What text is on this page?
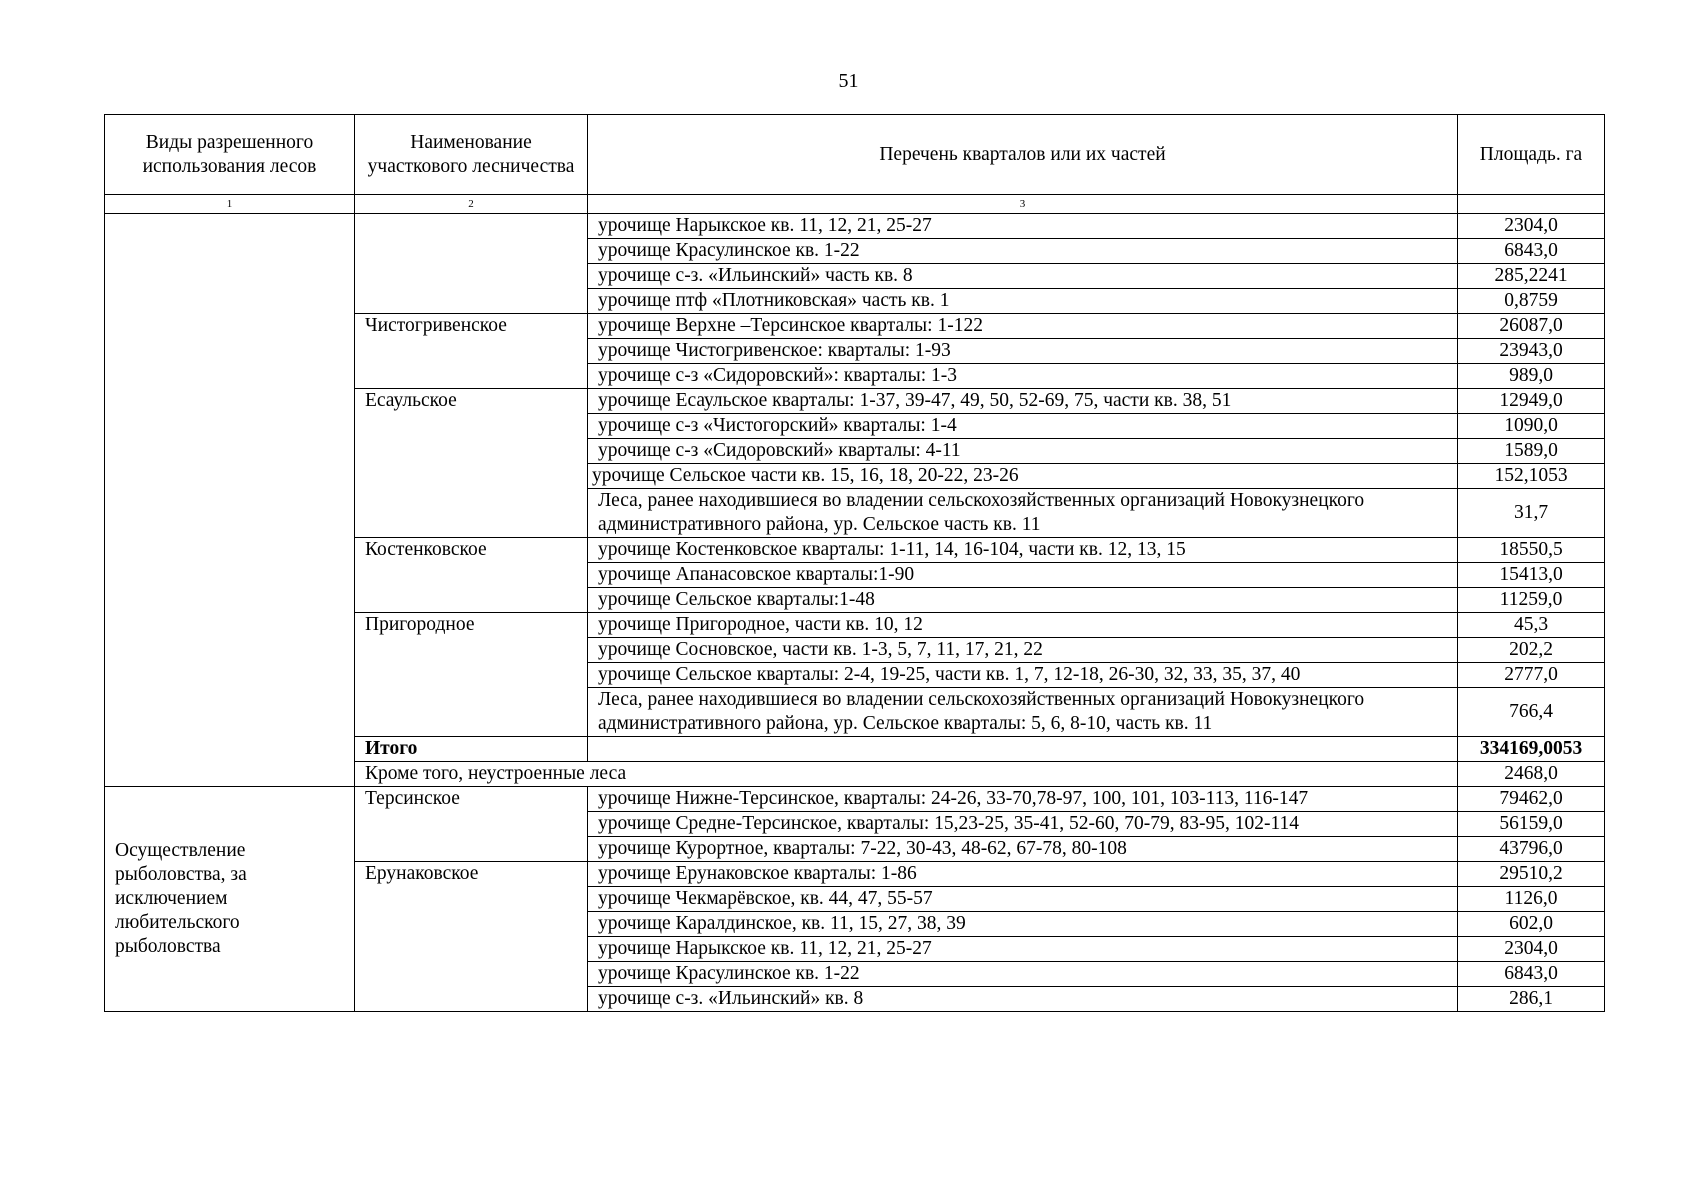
51
Виды разрешенного использования лесов	Наименование участкового лесничества	Перечень кварталов или их частей	Площадь. га
1	2	3	
		урочище Нарыкское кв. 11, 12, 21, 25-27	2304,0
		урочище Красулинское кв. 1-22	6843,0
		урочище с-з. «Ильинский» часть кв. 8	285,2241
		урочище птф «Плотниковская» часть кв. 1	0,8759
	Чистогривенское	урочище Верхне –Терсинское кварталы: 1-122	26087,0
		урочище Чистогривенское: кварталы: 1-93	23943,0
		урочище с-з «Сидоровский»: кварталы: 1-3	989,0
	Есаульское	урочище Есаульское кварталы: 1-37, 39-47, 49, 50, 52-69, 75, части кв. 38, 51	12949,0
		урочище с-з «Чистогорский» кварталы: 1-4	1090,0
		урочище с-з «Сидоровский» кварталы: 4-11	1589,0
		урочище Сельское части кв. 15, 16, 18, 20-22, 23-26	152,1053
		Леса, ранее находившиеся во владении сельскохозяйственных организаций Новокузнецкого административного района, ур. Сельское часть кв. 11	31,7
	Костенковское	урочище Костенковское кварталы: 1-11, 14, 16-104, части кв. 12, 13, 15	18550,5
		урочище Апанасовское кварталы:1-90	15413,0
		урочище Сельское кварталы:1-48	11259,0
	Пригородное	урочище Пригородное, части кв. 10, 12	45,3
		урочище Сосновское, части кв. 1-3, 5, 7, 11, 17, 21, 22	202,2
		урочище Сельское кварталы: 2-4, 19-25, части кв. 1, 7, 12-18, 26-30, 32, 33, 35, 37, 40	2777,0
		Леса, ранее находившиеся во владении сельскохозяйственных организаций Новокузнецкого административного района, ур. Сельское кварталы: 5, 6, 8-10, часть кв. 11	766,4
	Итого		334169,0053
	Кроме того, неустроенные леса		2468,0
Осуществление рыболовства, за исключением любительского рыболовства	Терсинское	урочище Нижне-Терсинское, кварталы: 24-26, 33-70,78-97, 100, 101, 103-113, 116-147	79462,0
		урочище Средне-Терсинское, кварталы: 15,23-25, 35-41, 52-60, 70-79, 83-95, 102-114	56159,0
		урочище Курортное, кварталы: 7-22, 30-43, 48-62, 67-78, 80-108	43796,0
	Ерунаковское	урочище Ерунаковское кварталы: 1-86	29510,2
		урочище Чекмарёвское, кв. 44, 47, 55-57	1126,0
		урочище Каралдинское, кв. 11, 15, 27, 38, 39	602,0
		урочище Нарыкское кв. 11, 12, 21, 25-27	2304,0
		урочище Красулинское кв. 1-22	6843,0
		урочище с-з. «Ильинский» кв. 8	286,1
